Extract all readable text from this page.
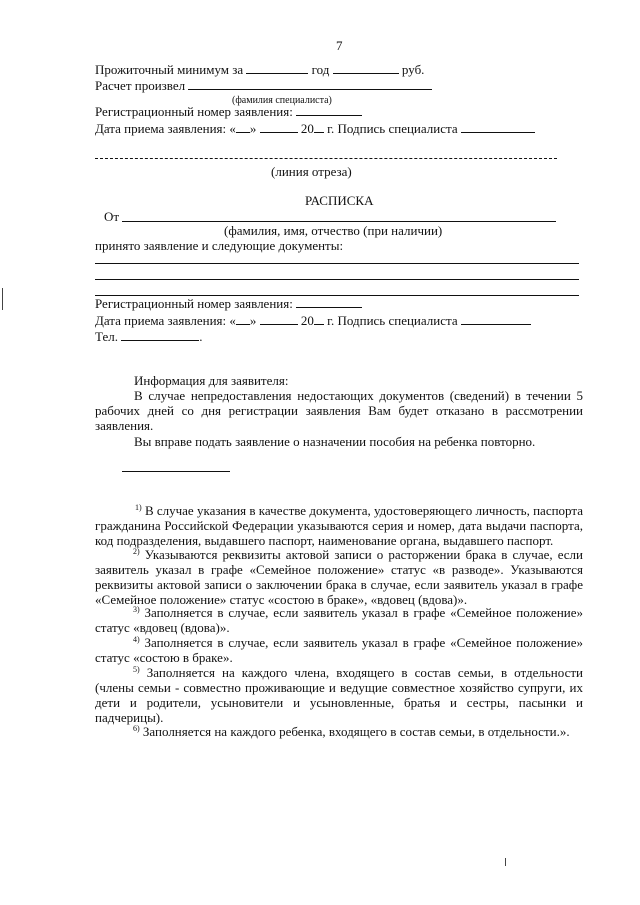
7
Прожиточный минимум за	год	руб.
Расчет произвел
(фамилия специалиста)
Регистрационный номер заявления:
Дата приема заявления: « »	20 г. Подпись специалиста
(линия отреза)
РАСПИСКА
От
(фамилия, имя, отчество (при наличии)
принято заявление и следующие документы:
Регистрационный номер заявления:
Дата приема заявления: « »	20 г. Подпись специалиста
Тел.	.
Информация для заявителя:
В случае непредоставления недостающих документов (сведений) в течении 5 рабочих дней со дня регистрации заявления Вам будет отказано в рассмотрении заявления.
Вы вправе подать заявление о назначении пособия на ребенка повторно.
$^{1)}$ В случае указания в качестве документа, удостоверяющего личность, паспорта гражданина Российской Федерации указываются серия и номер, дата выдачи паспорта, код подразделения, выдавшего паспорт, наименование органа, выдавшего паспорт.
$^{2)}$ Указываются реквизиты актовой записи о расторжении брака в случае, если заявитель указал в графе «Семейное положение» статус «в разводе». Указываются реквизиты актовой записи о заключении брака в случае, если заявитель указал в графе «Семейное положение» статус «состою в браке», «вдовец (вдова)».
$^{3)}$ Заполняется в случае, если заявитель указал в графе «Семейное положение» статус «вдовец (вдова)».
$^{4)}$ Заполняется в случае, если заявитель указал в графе «Семейное положение» статус «состою в браке».
$^{5)}$ Заполняется на каждого члена, входящего в состав семьи, в отдельности (члены семьи - совместно проживающие и ведущие совместное хозяйство супруги, их дети и родители, усыновители и усыновленные, братья и сестры, пасынки и падчерицы).
$^{6)}$ Заполняется на каждого ребенка, входящего в состав семьи, в отдельности.».
